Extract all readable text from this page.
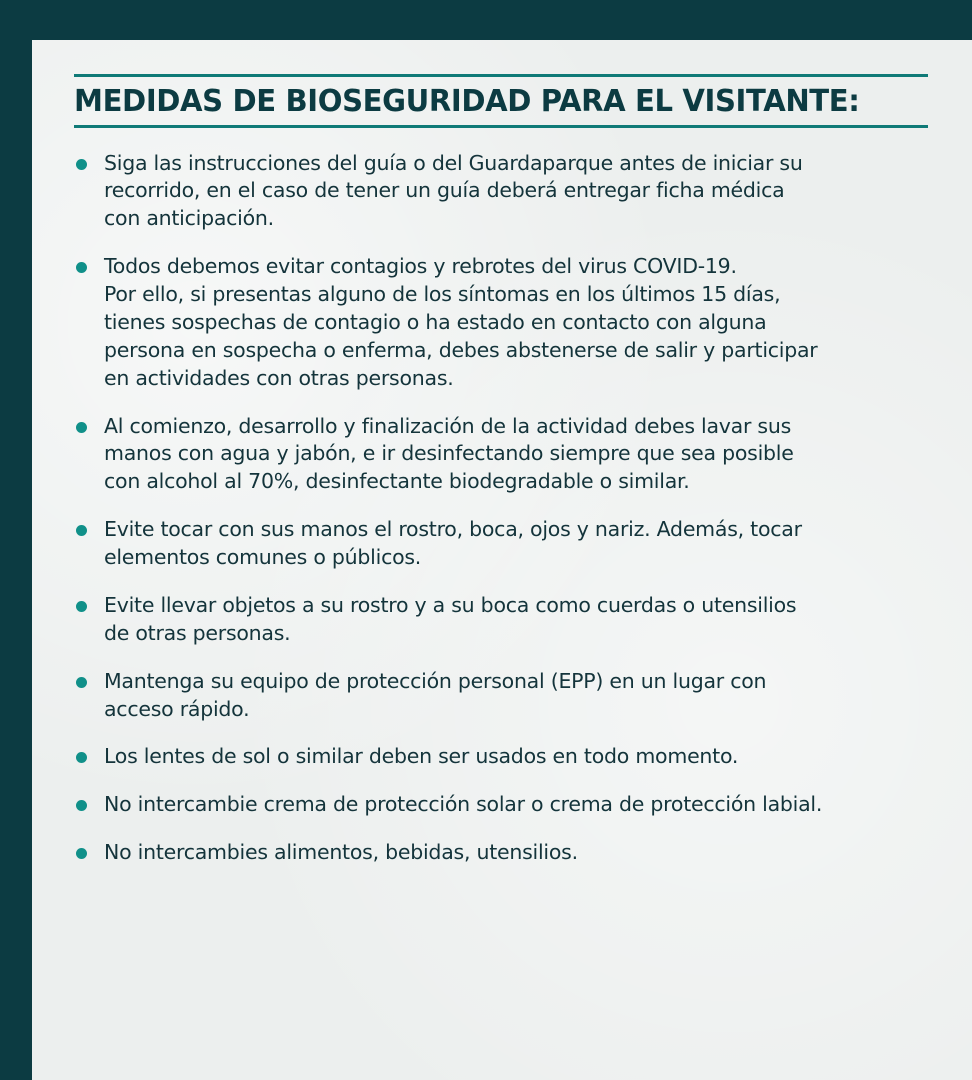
MEDIDAS DE BIOSEGURIDAD PARA EL VISITANTE:
Siga las instrucciones del guía o del Guardaparque antes de iniciar su
recorrido, en el caso de tener un guía deberá entregar ficha médica
con anticipación.
Todos debemos evitar contagios y rebrotes del virus COVID-19.
Por ello, si presentas alguno de los síntomas en los últimos 15 días,
tienes sospechas de contagio o ha estado en contacto con alguna
persona en sospecha o enferma, debes abstenerse de salir y participar
en actividades con otras personas.
Al comienzo, desarrollo y finalización de la actividad debes lavar sus
manos con agua y jabón, e ir desinfectando siempre que sea posible
con alcohol al 70%, desinfectante biodegradable o similar.
Evite tocar con sus manos el rostro, boca, ojos y nariz. Además, tocar
elementos comunes o públicos.
Evite llevar objetos a su rostro y a su boca como cuerdas o utensilios
de otras personas.
Mantenga su equipo de protección personal (EPP) en un lugar con
acceso rápido.
Los lentes de sol o similar deben ser usados en todo momento.
No intercambie crema de protección solar o crema de protección labial.
No intercambies alimentos, bebidas, utensilios.
